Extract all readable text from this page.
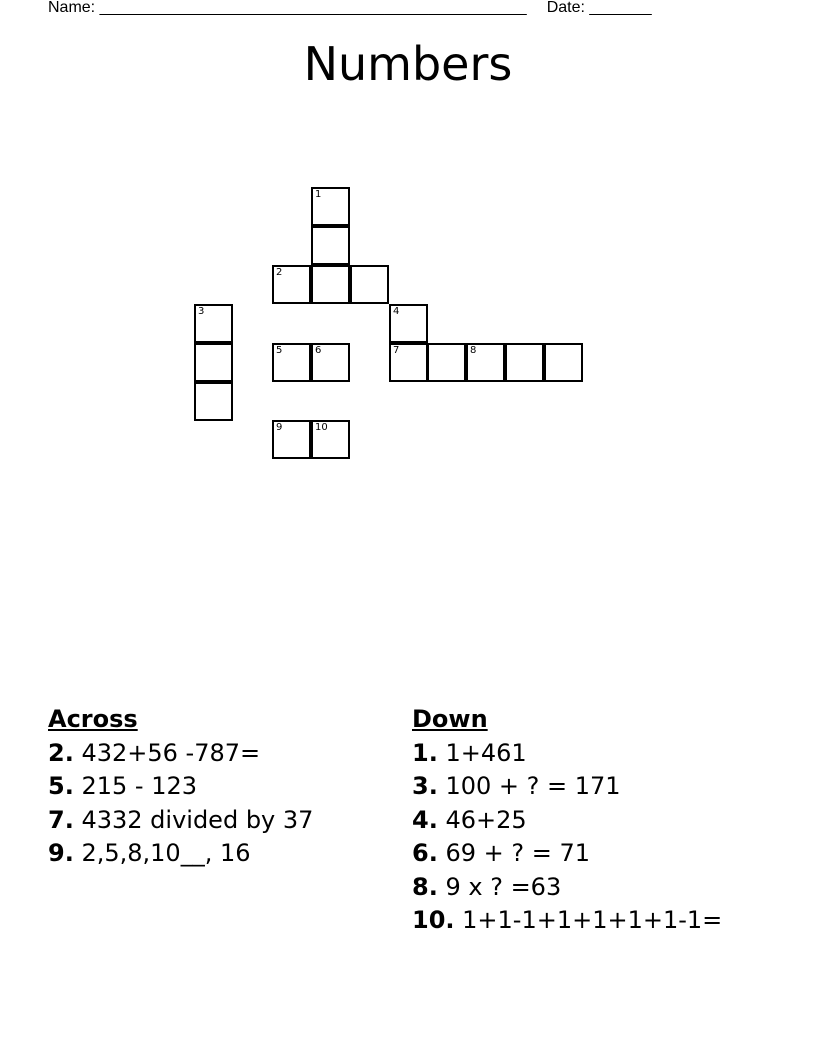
Name: ________________________________________________ Date: _______
Numbers
1
2
3	4
5	6	7	8
9	10
Across
2. 432+56 -787=
5. 215 - 123
7. 4332 divided by 37
9. 2,5,8,10__, 16
Down
1. 1+461
3. 100 + ? = 171
4. 46+25
6. 69 + ? = 71
8. 9 x ? =63
10. 1+1-1+1+1+1+1-1=
